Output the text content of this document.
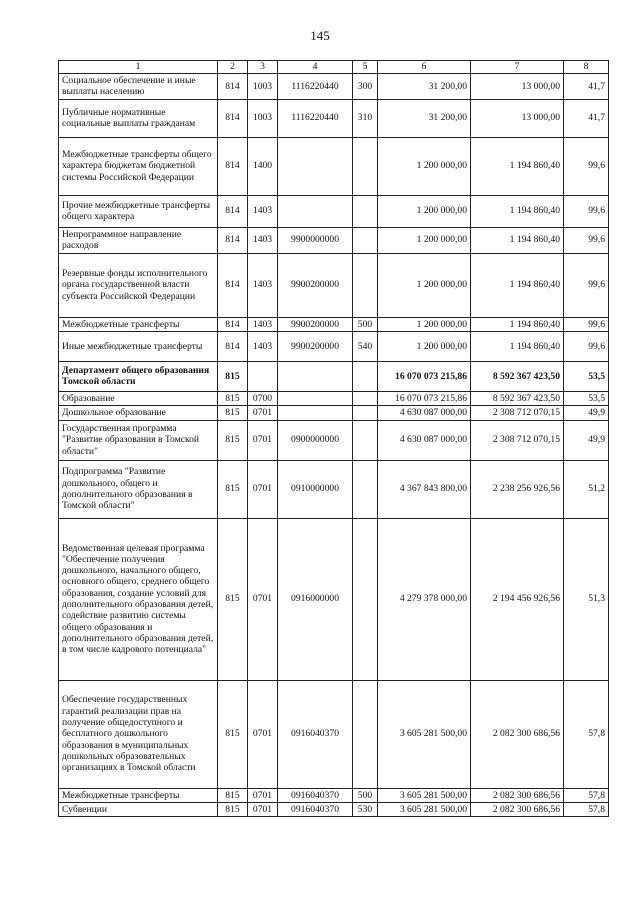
145
1	2	3	4	5	6	7	8
Социальное обеспечение и иные выплаты населению	814	1003	1116220440	300	31 200,00	13 000,00	41,7
Публичные нормативные социальные выплаты гражданам	814	1003	1116220440	310	31 200,00	13 000,00	41,7
Межбюджетные трансферты общего характера бюджетам бюджетной системы Российской Федерации	814	1400			1 200 000,00	1 194 860,40	99,6
Прочие межбюджетные трансферты общего характера	814	1403			1 200 000,00	1 194 860,40	99,6
Непрограммное направление расходов	814	1403	9900000000		1 200 000,00	1 194 860,40	99,6
Резервные фонды исполнительного органа государственной власти субъекта Российской Федерации	814	1403	9900200000		1 200 000,00	1 194 860,40	99,6
Межбюджетные трансферты	814	1403	9900200000	500	1 200 000,00	1 194 860,40	99,6
Иные межбюджетные трансферты	814	1403	9900200000	540	1 200 000,00	1 194 860,40	99,6
Департамент общего образования Томской области	815				16 070 073 215,86	8 592 367 423,50	53,5
Образование	815	0700			16 070 073 215,86	8 592 367 423,50	53,5
Дошкольное образование	815	0701			4 630 087 000,00	2 308 712 070,15	49,9
Государственная программа "Развитие образования в Томской области"	815	0701	0900000000		4 630 087 000,00	2 308 712 070,15	49,9
Подпрограмма "Развитие дошкольного, общего и дополнительного образования в Томской области"	815	0701	0910000000		4 367 843 800,00	2 238 256 926,56	51,2
Ведомственная целевая программа "Обеспечение получения дошкольного, начального общего, основного общего, среднего общего образования, создание условий для дополнительного образования детей, содействие развитию системы общего образования и дополнительного образования детей, в том числе кадрового потенциала"	815	0701	0916000000		4 279 378 000,00	2 194 456 926,56	51,3
Обеспечение государственных гарантий реализации прав на получение общедоступного и бесплатного дошкольного образования в муниципальных дошкольных образовательных организациях в Томской области	815	0701	0916040370		3 605 281 500,00	2 082 300 686,56	57,8
Межбюджетные трансферты	815	0701	0916040370	500	3 605 281 500,00	2 082 300 686,56	57,8
Субвенции	815	0701	0916040370	530	3 605 281 500,00	2 082 300 686,56	57,8
